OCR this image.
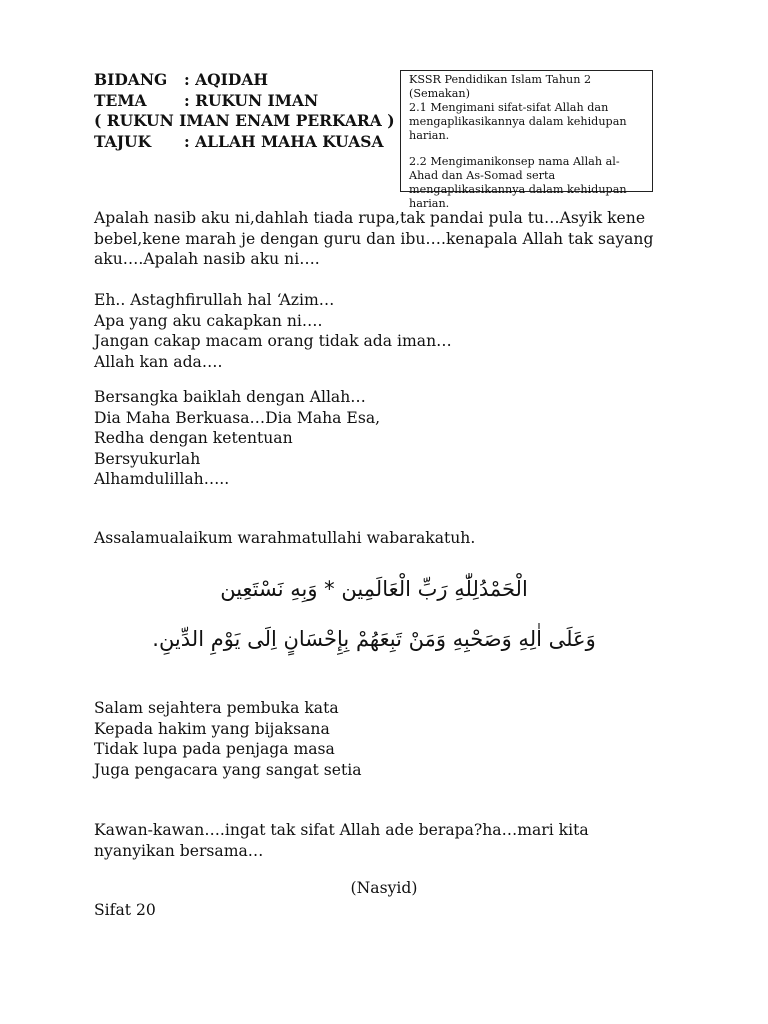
BIDANG : AQIDAH
TEMA : RUKUN IMAN
( RUKUN IMAN ENAM PERKARA )
TAJUK : ALLAH MAHA KUASA

KSSR Pendidikan Islam Tahun 2 (Semakan)

2.1 Mengimani sifat-sifat Allah dan mengaplikasikannya dalam kehidupan harian.

2.2 Mengimanikonsep nama Allah al-Ahad dan As-Somad serta mengaplikasikannya dalam kehidupan harian.

Apalah nasib aku ni,dahlah tiada rupa,tak pandai pula tu…Asyik kene bebel,kene marah je dengan guru dan ibu….kenapala Allah tak sayang aku….Apalah nasib aku ni….

Eh.. Astaghfirullah hal ‘Azim…

Apa yang aku cakapkan ni….

Jangan cakap macam orang tidak ada iman…

Allah kan ada….

Bersangka baiklah dengan Allah…

Dia Maha Berkuasa…Dia Maha Esa,

Redha dengan ketentuan

Bersyukurlah

Alhamdulillah…..

Assalamualaikum warahmatullahi wabarakatuh.

الْحَمْدُلِلّٰهِ رَبِّ الْعَالَمِين * وَبِهِ نَسْتَعِين
وَعَلَى اٰلِهِ وَصَحْبِهِ وَمَنْ تَبِعَهُمْ بِإِحْسَانٍ اِلَى يَوْمِ الدِّينِ.

Salam sejahtera pembuka kata

Kepada hakim yang bijaksana

Tidak lupa pada penjaga masa

Juga pengacara yang sangat setia

Kawan-kawan….ingat tak sifat Allah ade berapa?ha…mari kita nyanyikan bersama…

(Nasyid)
Sifat 20
